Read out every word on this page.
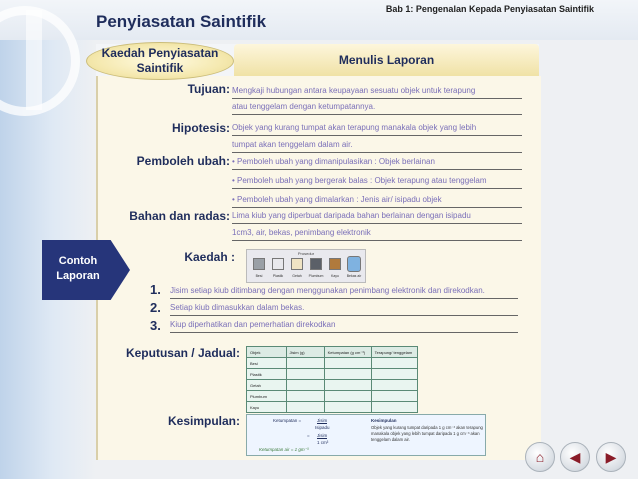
Bab 1: Pengenalan Kepada Penyiasatan Saintifik
Penyiasatan Saintifik
Kaedah Penyiasatan Saintifik
Menulis Laporan
Tujuan: Mengkaji hubungan antara keupayaan sesuatu objek untuk terapung
atau tenggelam dengan ketumpatannya.
Hipotesis: Objek yang kurang tumpat akan terapung manakala objek yang lebih
tumpat akan tenggelam dalam air.
Pemboleh ubah: • Pemboleh ubah yang dimanipulasikan : Objek berlainan
• Pemboleh ubah yang bergerak balas : Objek terapung atau tenggelam
• Pemboleh ubah yang dimalarkan : Jenis air/ isipadu objek
Bahan dan radas: Lima kiub yang diperbuat daripada bahan berlainan dengan isipadu
1cm3, air, bekas, penimbang elektronik
Contoh Laporan
Kaedah :	Prosedur
Besi	Plastik	Getah	Plumbum	Kayu	Bekas air
1. Jisim setiap kiub ditimbang dengan menggunakan penimbang elektronik dan direkodkan.
2. Setiap kiub dimasukkan dalam bekas.
3. Kiup diperhatikan dan pemerhatian direkodkan
Keputusan / Jadual:	Objek	Jisim (g)	Ketumpatan (g cm⁻³)	Terapung/ tenggelam
Besi			
Plastik			
Getah			
Plumbum			
Kayu			
Kesimpulan:	Ketumpatan =	Jisim
Isipadu
= Jisim
1 cm³
Ketumpatan air = 1 gm⁻³
Kesimpulan
Objek yang kurang tumpat daripada 1 g cm⁻³ akan terapung manakala objek yang lebih tumpat daripada 1 g cm⁻³ akan tenggelam dalam air.
⌂	◀	▶
